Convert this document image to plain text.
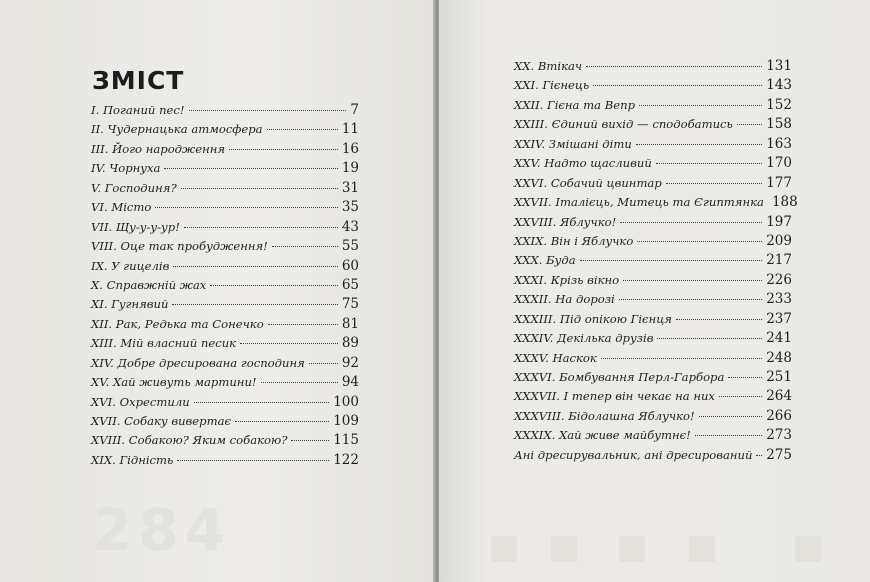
284
ЗМІСТ
I. Поганий пес!	7
II. Чудернацька атмосфера	11
III. Його народження	16
IV. Чорнуха	19
V. Господиня?	31
VI. Місто	35
VII. Щу-у-у-ур!	43
VIII. Оце так пробудження!	55
IX. У гицелів	60
X. Справжній жах	65
XI. Гугнявий	75
XII. Рак, Редька та Сонечко	81
XIII. Мій власний песик	89
XIV. Добре дресирована господиня	92
XV. Хай живуть мартини!	94
XVI. Охрестили	100
XVII. Собаку вивертає	109
XVIII. Собакою? Яким собакою?	115
XIX. Гідність	122
XX. Втікач	131
XXI. Гієнець	143
XXII. Гієна та Вепр	152
XXIII. Єдиний вихід — сподобатись 158
XXIV. Змішані діти	163
XXV. Надто щасливий	170
XXVI. Собачий цвинтар	177
XXVII. Італієць, Митець та Єгиптянка 188
XXVIII. Яблучко!	197
XXIX. Він і Яблучко	209
XXX. Буда	217
XXXI. Крізь вікно	226
XXXII. На дорозі	233
XXXIII. Під опікою Гієнця	237
XXXIV. Декілька друзів	241
XXXV. Наскок	248
XXXVI. Бомбування Перл-Гарбора	251
XXXVII. І тепер він чекає на них	264
XXXVIII. Бідолашна Яблучко!	266
XXXIX. Хай живе майбутнє!	273
Ані дресирувальник, ані дресирований 275
